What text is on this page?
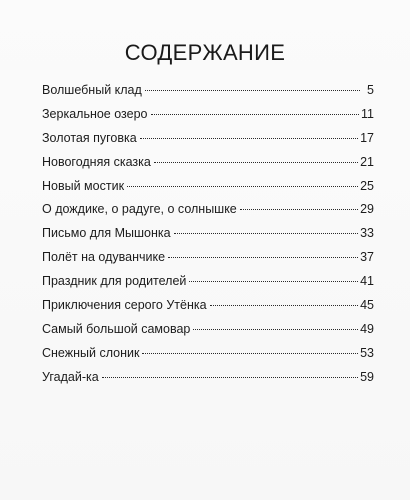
СОДЕРЖАНИЕ
Волшебный клад	5
Зеркальное озеро	11
Золотая пуговка	17
Новогодняя сказка	21
Новый мостик	25
О дождике, о радуге, о солнышке	29
Письмо для Мышонка	33
Полёт на одуванчике	37
Праздник для родителей	41
Приключения серого Утёнка	45
Самый большой самовар	49
Снежный слоник	53
Угадай-ка	59
